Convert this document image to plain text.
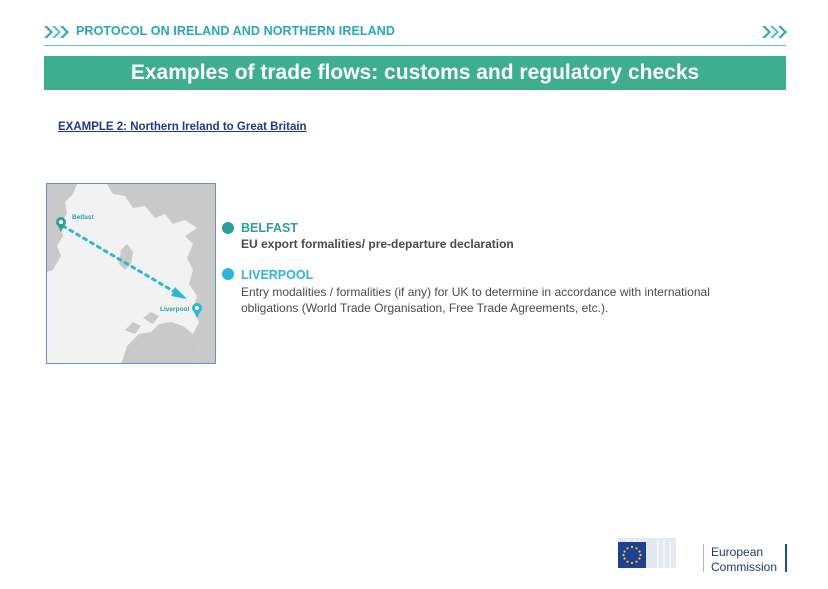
PROTOCOL ON IRELAND AND NORTHERN IRELAND
Examples of trade flows: customs and regulatory checks
EXAMPLE 2: Northern Ireland to Great Britain
Belfast
Liverpool
BELFAST
EU export formalities/ pre-departure declaration
LIVERPOOL
Entry modalities / formalities (if any) for UK to determine in accordance with international obligations (World Trade Organisation, Free Trade Agreements, etc.).
European
Commission
